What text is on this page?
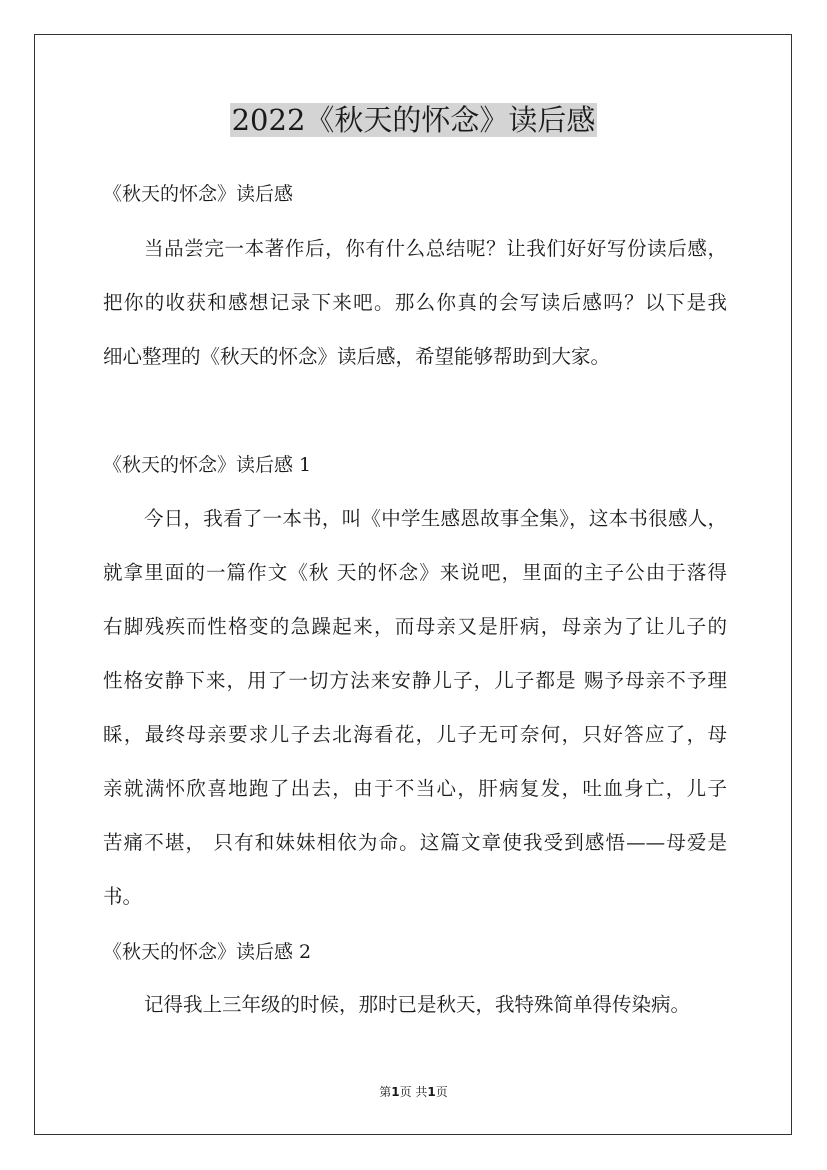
2022《秋天的怀念》读后感
《秋天的怀念》读后感
当品尝完一本著作后，你有什么总结呢？让我们好好写份读后感，
把你的收获和感想记录下来吧。那么你真的会写读后感吗？以下是我
细心整理的《秋天的怀念》读后感，希望能够帮助到大家。
《秋天的怀念》读后感 1
今日，我看了一本书，叫《中学生感恩故事全集》，这本书很感人，
就拿里面的一篇作文《秋 天的怀念》来说吧，里面的主子公由于落得
右脚残疾而性格变的急躁起来，而母亲又是肝病，母亲为了让儿子的
性格安静下来，用了一切方法来安静儿子，儿子都是 赐予母亲不予理
睬，最终母亲要求儿子去北海看花，儿子无可奈何，只好答应了，母
亲就满怀欣喜地跑了出去，由于不当心，肝病复发，吐血身亡，儿子
苦痛不堪， 只有和妹妹相依为命。这篇文章使我受到感悟——母爱是
书。
《秋天的怀念》读后感 2
记得我上三年级的时候，那时已是秋天，我特殊简单得传染病。
第1页 共1页
